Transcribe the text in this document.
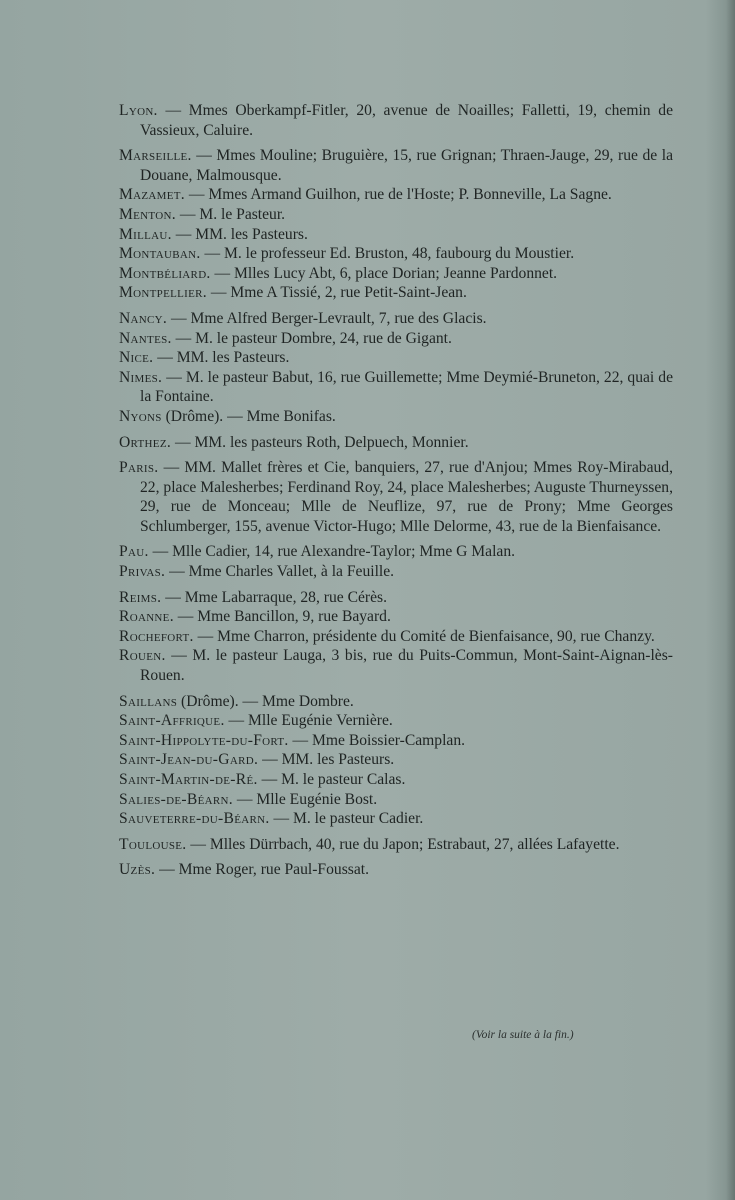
Lyon. — Mmes Oberkampf-Fitler, 20, avenue de Noailles; Falletti, 19, chemin de Vassieux, Caluire.

Marseille. — Mmes Mouline; Bruguière, 15, rue Grignan; Thraen-Jauge, 29, rue de la Douane, Malmousque.

Mazamet. — Mmes Armand Guilhon, rue de l'Hoste; P. Bonneville, La Sagne.

Menton. — M. le Pasteur.

Millau. — MM. les Pasteurs.

Montauban. — M. le professeur Ed. Bruston, 48, faubourg du Moustier.

Montbéliard. — Mlles Lucy Abt, 6, place Dorian; Jeanne Pardonnet.

Montpellier. — Mme A Tissié, 2, rue Petit-Saint-Jean.

Nancy. — Mme Alfred Berger-Levrault, 7, rue des Glacis.

Nantes. — M. le pasteur Dombre, 24, rue de Gigant.

Nice. — MM. les Pasteurs.

Nimes. — M. le pasteur Babut, 16, rue Guillemette; Mme Deymié-Bruneton, 22, quai de la Fontaine.

Nyons (Drôme). — Mme Bonifas.

Orthez. — MM. les pasteurs Roth, Delpuech, Monnier.

Paris. — MM. Mallet frères et Cie, banquiers, 27, rue d'Anjou; Mmes Roy-Mirabaud, 22, place Malesherbes; Ferdinand Roy, 24, place Malesherbes; Auguste Thurneyssen, 29, rue de Monceau; Mlle de Neuflize, 97, rue de Prony; Mme Georges Schlumberger, 155, avenue Victor-Hugo; Mlle Delorme, 43, rue de la Bienfaisance.

Pau. — Mlle Cadier, 14, rue Alexandre-Taylor; Mme G Malan.

Privas. — Mme Charles Vallet, à la Feuille.

Reims. — Mme Labarraque, 28, rue Cérès.

Roanne. — Mme Bancillon, 9, rue Bayard.

Rochefort. — Mme Charron, présidente du Comité de Bienfaisance, 90, rue Chanzy.

Rouen. — M. le pasteur Lauga, 3 bis, rue du Puits-Commun, Mont-Saint-Aignan-lès-Rouen.

Saillans (Drôme). — Mme Dombre.

Saint-Affrique. — Mlle Eugénie Vernière.

Saint-Hippolyte-du-Fort. — Mme Boissier-Camplan.

Saint-Jean-du-Gard. — MM. les Pasteurs.

Saint-Martin-de-Ré. — M. le pasteur Calas.

Salies-de-Béarn. — Mlle Eugénie Bost.

Sauveterre-du-Béarn. — M. le pasteur Cadier.

Toulouse. — Mlles Dürrbach, 40, rue du Japon; Estrabaut, 27, allées Lafayette.

Uzès. — Mme Roger, rue Paul-Foussat.

(Voir la suite à la fin.)
